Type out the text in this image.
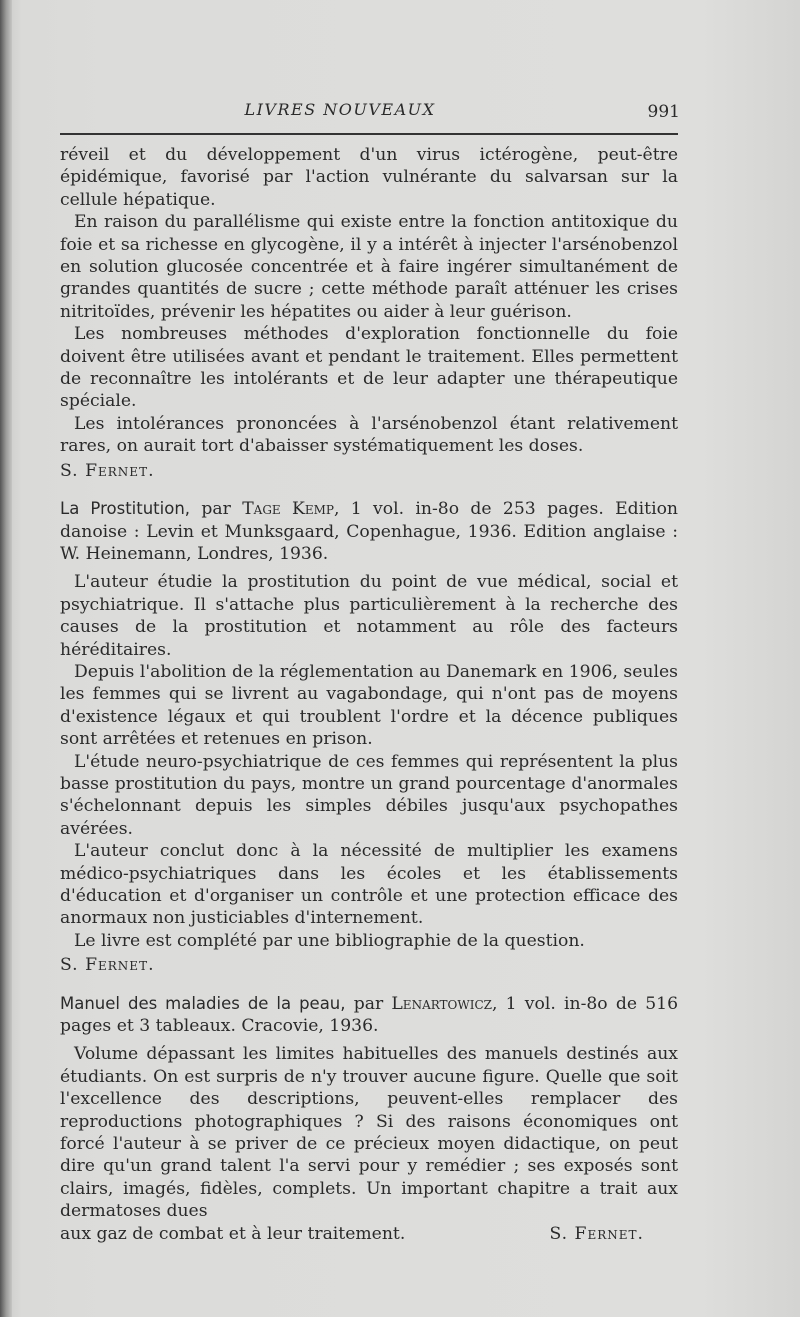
LIVRES NOUVEAUX	991

réveil et du développement d'un virus ictérogène, peut-être épidémique, favorisé par l'action vulnérante du salvarsan sur la cellule hépatique.

En raison du parallélisme qui existe entre la fonction antitoxique du foie et sa richesse en glycogène, il y a intérêt à injecter l'arsénobenzol en solution glucosée concentrée et à faire ingérer simultanément de grandes quantités de sucre ; cette méthode paraît atténuer les crises nitritoïdes, prévenir les hépatites ou aider à leur guérison.

Les nombreuses méthodes d'exploration fonctionnelle du foie doivent être utilisées avant et pendant le traitement. Elles permettent de reconnaître les intolérants et de leur adapter une thérapeutique spéciale.

Les intolérances prononcées à l'arsénobenzol étant relativement rares, on aurait tort d'abaisser systématiquement les doses.

S. Fernet.

La Prostitution, par Tage Kemp, 1 vol. in-8o de 253 pages. Edition danoise : Levin et Munksgaard, Copenhague, 1936. Edition anglaise : W. Heinemann, Londres, 1936.

L'auteur étudie la prostitution du point de vue médical, social et psychiatrique. Il s'attache plus particulièrement à la recherche des causes de la prostitution et notamment au rôle des facteurs héréditaires.

Depuis l'abolition de la réglementation au Danemark en 1906, seules les femmes qui se livrent au vagabondage, qui n'ont pas de moyens d'existence légaux et qui troublent l'ordre et la décence publiques sont arrêtées et retenues en prison.

L'étude neuro-psychiatrique de ces femmes qui représentent la plus basse prostitution du pays, montre un grand pourcentage d'anormales s'échelonnant depuis les simples débiles jusqu'aux psychopathes avérées.

L'auteur conclut donc à la nécessité de multiplier les examens médico-psychiatriques dans les écoles et les établissements d'éducation et d'organiser un contrôle et une protection efficace des anormaux non justiciables d'internement.

Le livre est complété par une bibliographie de la question.

S. Fernet.

Manuel des maladies de la peau, par Lenartowicz, 1 vol. in-8o de 516 pages et 3 tableaux. Cracovie, 1936.

Volume dépassant les limites habituelles des manuels destinés aux étudiants. On est surpris de n'y trouver aucune figure. Quelle que soit l'excellence des descriptions, peuvent-elles remplacer des reproductions photographiques ? Si des raisons économiques ont forcé l'auteur à se priver de ce précieux moyen didactique, on peut dire qu'un grand talent l'a servi pour y remédier ; ses exposés sont clairs, imagés, fidèles, complets. Un important chapitre a trait aux dermatoses dues

aux gaz de combat et à leur traitement.	S. Fernet.
